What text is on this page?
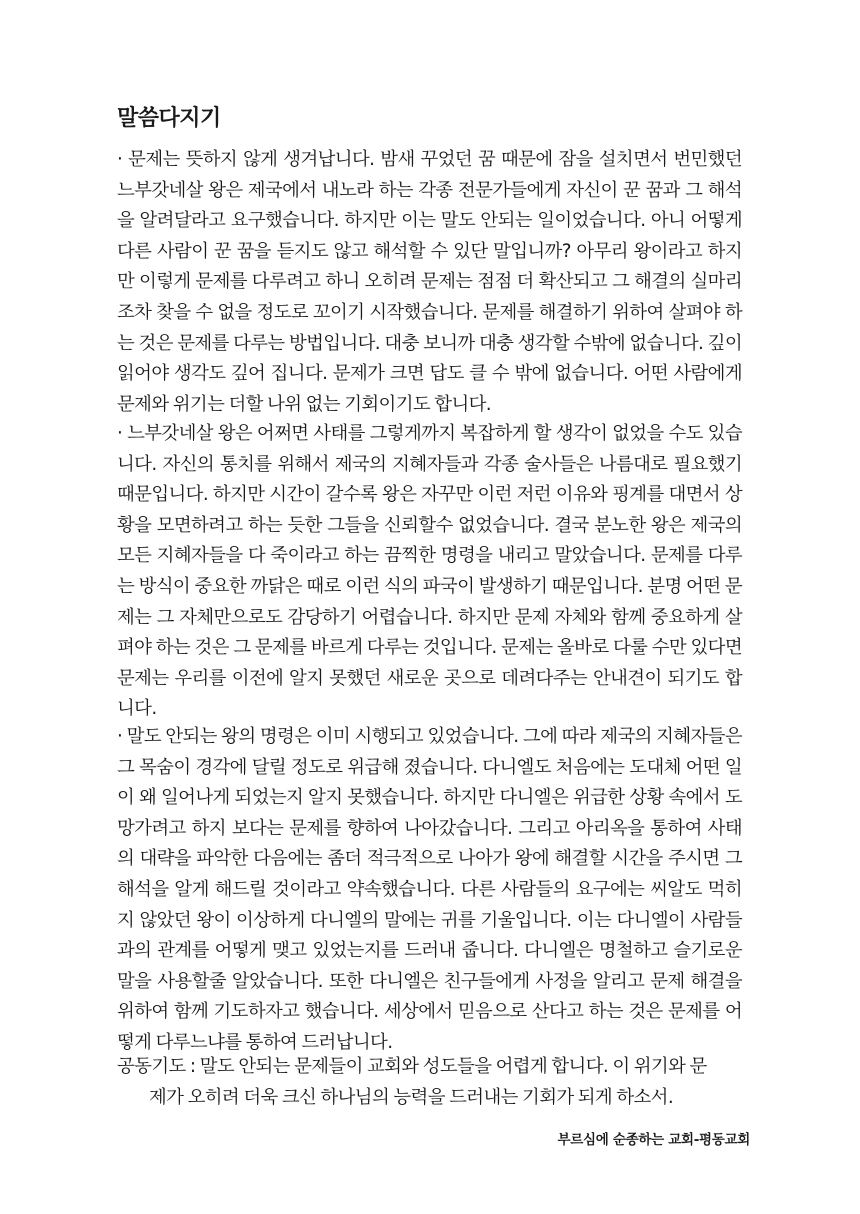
말씀다지기
· 문제는 뜻하지 않게 생겨납니다. 밤새 꾸었던 꿈 때문에 잠을 설치면서 번민했던 느부갓네살 왕은 제국에서 내노라 하는 각종 전문가들에게 자신이 꾼 꿈과 그 해석을 알려달라고 요구했습니다. 하지만 이는 말도 안되는 일이었습니다. 아니 어떻게 다른 사람이 꾼 꿈을 듣지도 않고 해석할 수 있단 말입니까? 아무리 왕이라고 하지만 이렇게 문제를 다루려고 하니 오히려 문제는 점점 더 확산되고 그 해결의 실마리조차 찾을 수 없을 정도로 꼬이기 시작했습니다. 문제를 해결하기 위하여 살펴야 하는 것은 문제를 다루는 방법입니다. 대충 보니까 대충 생각할 수밖에 없습니다. 깊이 읽어야 생각도 깊어 집니다. 문제가 크면 답도 클 수 밖에 없습니다. 어떤 사람에게 문제와 위기는 더할 나위 없는 기회이기도 합니다.
· 느부갓네살 왕은 어쩌면 사태를 그렇게까지 복잡하게 할 생각이 없었을 수도 있습니다. 자신의 통치를 위해서 제국의 지혜자들과 각종 술사들은 나름대로 필요했기 때문입니다. 하지만 시간이 갈수록 왕은 자꾸만 이런 저런 이유와 핑계를 대면서 상황을 모면하려고 하는 듯한 그들을 신뢰할수 없었습니다. 결국 분노한 왕은 제국의 모든 지혜자들을 다 죽이라고 하는 끔찍한 명령을 내리고 말았습니다. 문제를 다루는 방식이 중요한 까닭은 때로 이런 식의 파국이 발생하기 때문입니다. 분명 어떤 문제는 그 자체만으로도 감당하기 어렵습니다. 하지만 문제 자체와 함께 중요하게 살펴야 하는 것은 그 문제를 바르게 다루는 것입니다. 문제는 올바로 다룰 수만 있다면 문제는 우리를 이전에 알지 못했던 새로운 곳으로 데려다주는 안내견이 되기도 합니다.
· 말도 안되는 왕의 명령은 이미 시행되고 있었습니다. 그에 따라 제국의 지혜자들은 그 목숨이 경각에 달릴 정도로 위급해 졌습니다. 다니엘도 처음에는 도대체 어떤 일이 왜 일어나게 되었는지 알지 못했습니다. 하지만 다니엘은 위급한 상황 속에서 도망가려고 하지 보다는 문제를 향하여 나아갔습니다. 그리고 아리옥을 통하여 사태의 대략을 파악한 다음에는 좀더 적극적으로 나아가 왕에 해결할 시간을 주시면 그 해석을 알게 해드릴 것이라고 약속했습니다. 다른 사람들의 요구에는 씨알도 먹히지 않았던 왕이 이상하게 다니엘의 말에는 귀를 기울입니다. 이는 다니엘이 사람들과의 관계를 어떻게 맺고 있었는지를 드러내 줍니다. 다니엘은 명철하고 슬기로운 말을 사용할줄 알았습니다. 또한 다니엘은 친구들에게 사정을 알리고 문제 해결을 위하여 함께 기도하자고 했습니다. 세상에서 믿음으로 산다고 하는 것은 문제를 어떻게 다루느냐를 통하여 드러납니다.
공동기도 : 말도 안되는 문제들이 교회와 성도들을 어렵게 합니다. 이 위기와 문
제가 오히려 더욱 크신 하나님의 능력을 드러내는 기회가 되게 하소서.
부르심에 순종하는 교회-평동교회
